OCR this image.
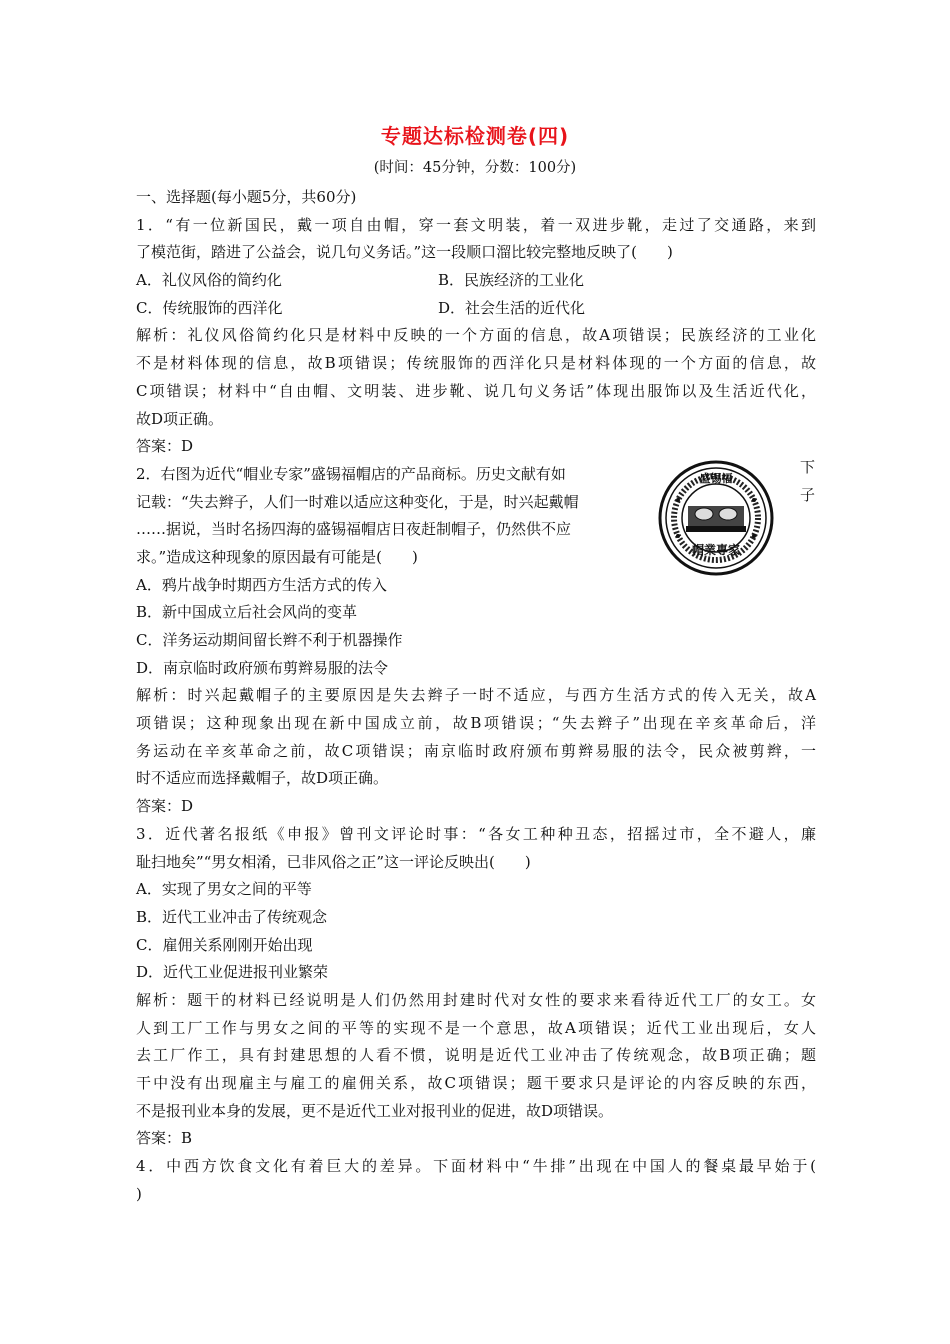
专题达标检测卷(四)
(时间：45分钟，分数：100分)
一、选择题(每小题5分，共60分)
1．“有一位新国民，戴一项自由帽，穿一套文明装，着一双进步靴，走过了交通路，来到
了模范街，踏进了公益会，说几句义务话。”这一段顺口溜比较完整地反映了(　　)
A．礼仪风俗的简约化	B．民族经济的工业化
C．传统服饰的西洋化	D．社会生活的近代化
解析：礼仪风俗简约化只是材料中反映的一个方面的信息，故A项错误；民族经济的工业化
不是材料体现的信息，故B项错误；传统服饰的西洋化只是材料体现的一个方面的信息，故
C项错误；材料中“自由帽、文明装、进步靴、说几句义务话”体现出服饰以及生活近代化，
故D项正确。
答案：D
2．右图为近代“帽业专家”盛锡福帽店的产品商标。历史文献有如
记载：“失去辫子，人们一时难以适应这种变化，于是，时兴起戴帽
……据说，当时名扬四海的盛锡福帽店日夜赶制帽子，仍然供不应
求。”造成这种现象的原因最有可能是(　　)
A．鸦片战争时期西方生活方式的传入
B．新中国成立后社会风尚的变革
C．洋务运动期间留长辫不利于机器操作
D．南京临时政府颁布剪辫易服的法令
解析：时兴起戴帽子的主要原因是失去辫子一时不适应，与西方生活方式的传入无关，故A
项错误；这种现象出现在新中国成立前，故B项错误；“失去辫子”出现在辛亥革命后，洋
务运动在辛亥革命之前，故C项错误；南京临时政府颁布剪辫易服的法令，民众被剪辫，一
时不适应而选择戴帽子，故D项正确。
答案：D
3．近代著名报纸《申报》曾刊文评论时事：“各女工种种丑态，招摇过市，全不避人，廉
耻扫地矣”“男女相淆，已非风俗之正”这一评论反映出(　　)
A．实现了男女之间的平等
B．近代工业冲击了传统观念
C．雇佣关系刚刚开始出现
D．近代工业促进报刊业繁荣
解析：题干的材料已经说明是人们仍然用封建时代对女性的要求来看待近代工厂的女工。女
人到工厂工作与男女之间的平等的实现不是一个意思，故A项错误；近代工业出现后，女人
去工厂作工，具有封建思想的人看不惯，说明是近代工业冲击了传统观念，故B项正确；题
干中没有出现雇主与雇工的雇佣关系，故C项错误；题干要求只是评论的内容反映的东西，
不是报刊业本身的发展，更不是近代工业对报刊业的促进，故D项错误。
答案：B
4．中西方饮食文化有着巨大的差异。下面材料中“牛排”出现在中国人的餐桌最早始于(
)
下
子
盛锡福
帽業專家
